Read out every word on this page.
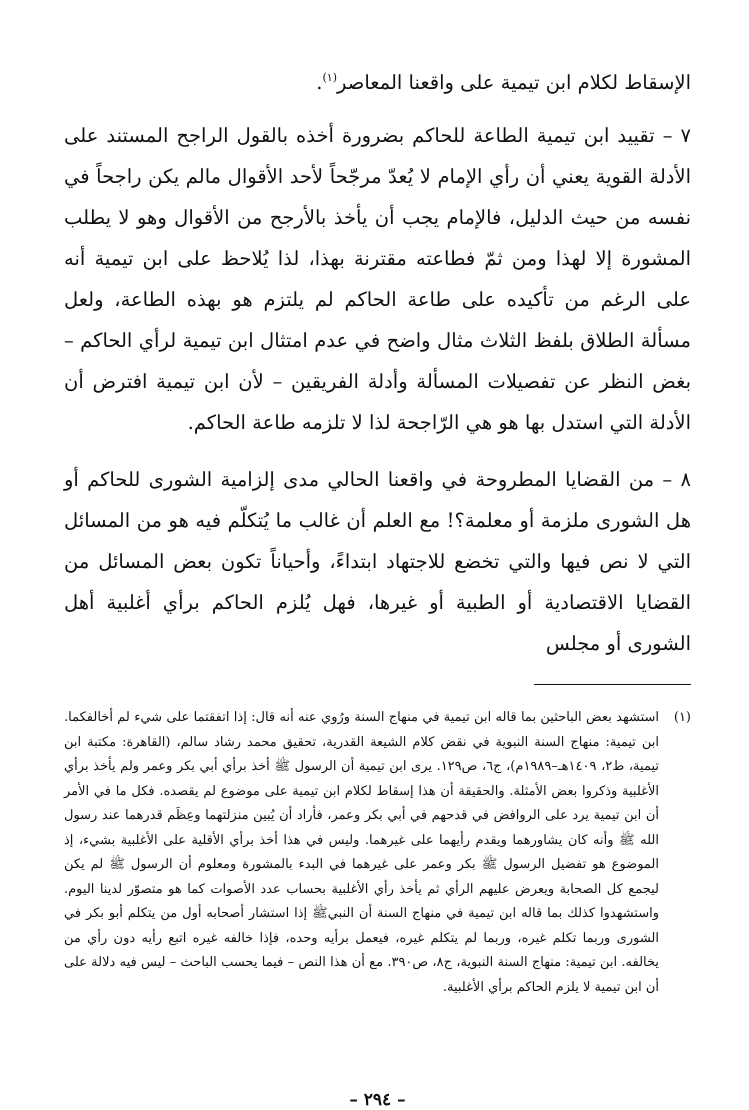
الإسقاط لكلام ابن تيمية على واقعنا المعاصر$^{(١)}$.

٧ – تقييد ابن تيمية الطاعة للحاكم بضرورة أخذه بالقول الراجح المستند على الأدلة القوية يعني أن رأي الإمام لا يُعدّ مرجّحاً لأحد الأقوال مالم يكن راجحاً في نفسه من حيث الدليل، فالإمام يجب أن يأخذ بالأرجح من الأقوال وهو لا يطلب المشورة إلا لهذا ومن ثمّ فطاعته مقترنة بهذا، لذا يُلاحظ على ابن تيمية أنه على الرغم من تأكيده على طاعة الحاكم لم يلتزم هو بهذه الطاعة، ولعل مسألة الطلاق بلفظ الثلاث مثال واضح في عدم امتثال ابن تيمية لرأي الحاكم – بغض النظر عن تفصيلات المسألة وأدلة الفريقين – لأن ابن تيمية افترض أن الأدلة التي استدل بها هو هي الرّاجحة لذا لا تلزمه طاعة الحاكم.

٨ – من القضايا المطروحة في واقعنا الحالي مدى إلزامية الشورى للحاكم أو هل الشورى ملزمة أو معلمة؟! مع العلم أن غالب ما يُتكلّم فيه هو من المسائل التي لا نص فيها والتي تخضع للاجتهاد ابتداءً، وأحياناً تكون بعض المسائل من القضايا الاقتصادية أو الطبية أو غيرها، فهل يُلزم الحاكم برأي أغلبية أهل الشورى أو مجلس

(١)
استشهد بعض الباحثين بما قاله ابن تيمية في منهاج السنة ورُوي عنه أنه قال: إذا اتفقتما على شيء لم أخالفكما. ابن تيمية: منهاج السنة النبوية في نقض كلام الشيعة القدرية، تحقيق محمد رشاد سالم، (القاهرة: مكتبة ابن تيمية، ط٢، ١٤٠٩هـ–١٩٨٩م)، ج٦، ص١٢٩. يرى ابن تيمية أن الرسول ﷺ أخذ برأي أبي بكر وعمر ولم يأخذ برأي الأغلبية وذكروا بعض الأمثلة. والحقيقة أن هذا إسقاط لكلام ابن تيمية على موضوع لم يقصده. فكل ما في الأمر أن ابن تيمية يرد على الروافض في قدحهم في أبي بكر وعمر، فأراد أن يُبين منزلتهما وعِظَم قدرهما عند رسول الله ﷺ وأنه كان يشاورهما ويقدم رأيهما على غيرهما. وليس في هذا أخذ برأي الأقلية على الأغلبية بشيء، إذ الموضوع هو تفضيل الرسول ﷺ بكر وعمر على غيرهما في البدء بالمشورة ومعلوم أن الرسول ﷺ لم يكن ليجمع كل الصحابة ويعرض عليهم الرأي ثم يأخذ رأي الأغلبية بحساب عدد الأصوات كما هو متصوّر لدينا اليوم. واستشهدوا كذلك بما قاله ابن تيمية في منهاج السنة أن النبيﷺ إذا استشار أصحابه أول من يتكلم أبو بكر في الشورى وربما تكلم غيره، وربما لم يتكلم غيره، فيعمل برأيه وحده، فإذا خالفه غيره اتبع رأيه دون رأي من يخالفه. ابن تيمية: منهاج السنة النبوية، ج٨، ص٣٩٠. مع أن هذا النص – فيما يحسب الباحث – ليس فيه دلالة على أن ابن تيمية لا يلزم الحاكم برأي الأغلبية.
– ٢٩٤ –
